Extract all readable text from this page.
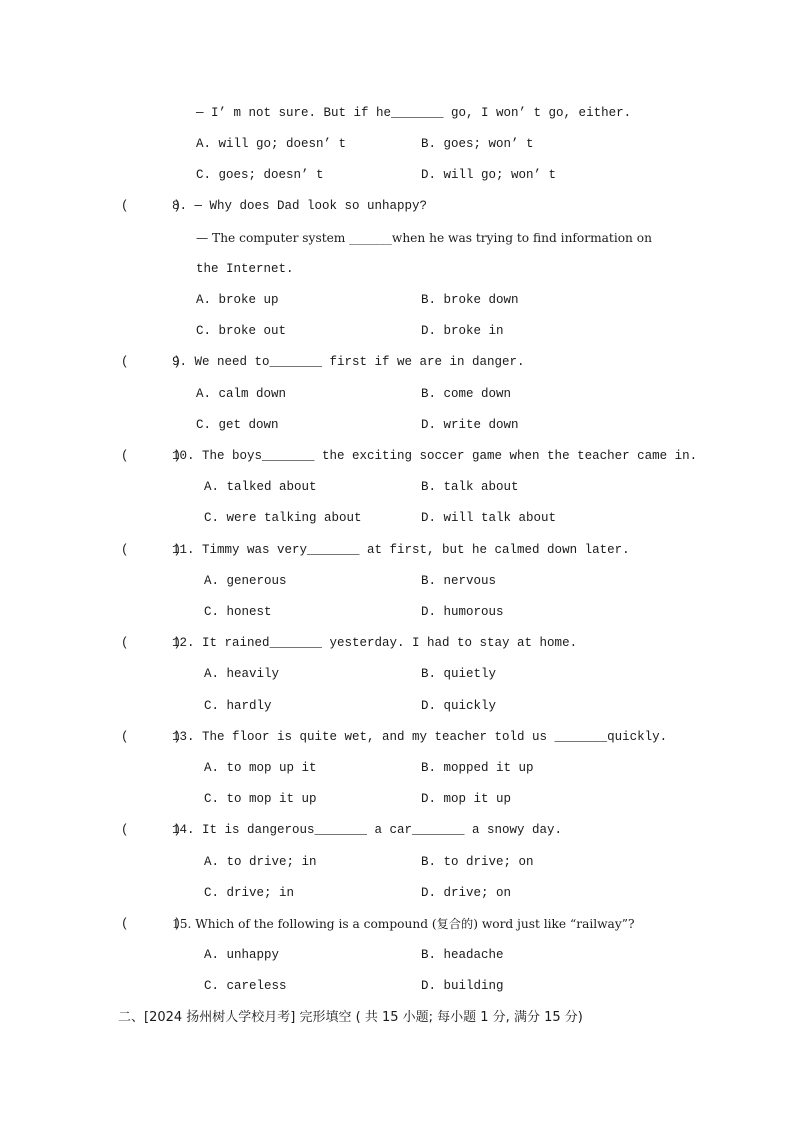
— I’ m not sure. But if he_______ go, I won’ t go, either.
A. will go; doesn’ t	B. goes; won’ t
C. goes; doesn’ t	D. will go; won’ t
(      )
8. — Why does Dad look so unhappy?
— The computer system _______when he was trying to find information on
the Internet.
A. broke up	B. broke down
C. broke out	D. broke in
(      )
9. We need to_______ first if we are in danger.
A. calm down	B. come down
C. get down	D. write down
(      )
10. The boys_______ the exciting soccer game when the teacher came in.
A. talked about	B. talk about
C. were talking about	D. will talk about
(      )
11. Timmy was very_______ at first, but he calmed down later.
A. generous	B. nervous
C. honest	D. humorous
(      )
12. It rained_______ yesterday. I had to stay at home.
A. heavily	B. quietly
C. hardly	D. quickly
(      )
13. The floor is quite wet, and my teacher told us _______quickly.
A. to mop up it	B. mopped it up
C. to mop it up	D. mop it up
(      )
14. It is dangerous_______ a car_______ a snowy day.
A. to drive; in	B. to drive; on
C. drive; in	D. drive; on
(      )
15. Which of the following is a compound (复合的) word just like “railway”?
A. unhappy	B. headache
C. careless	D. building
二、[2024 扬州树人学校月考] 完形填空 ( 共 15 小题; 每小题 1 分, 满分 15 分)
